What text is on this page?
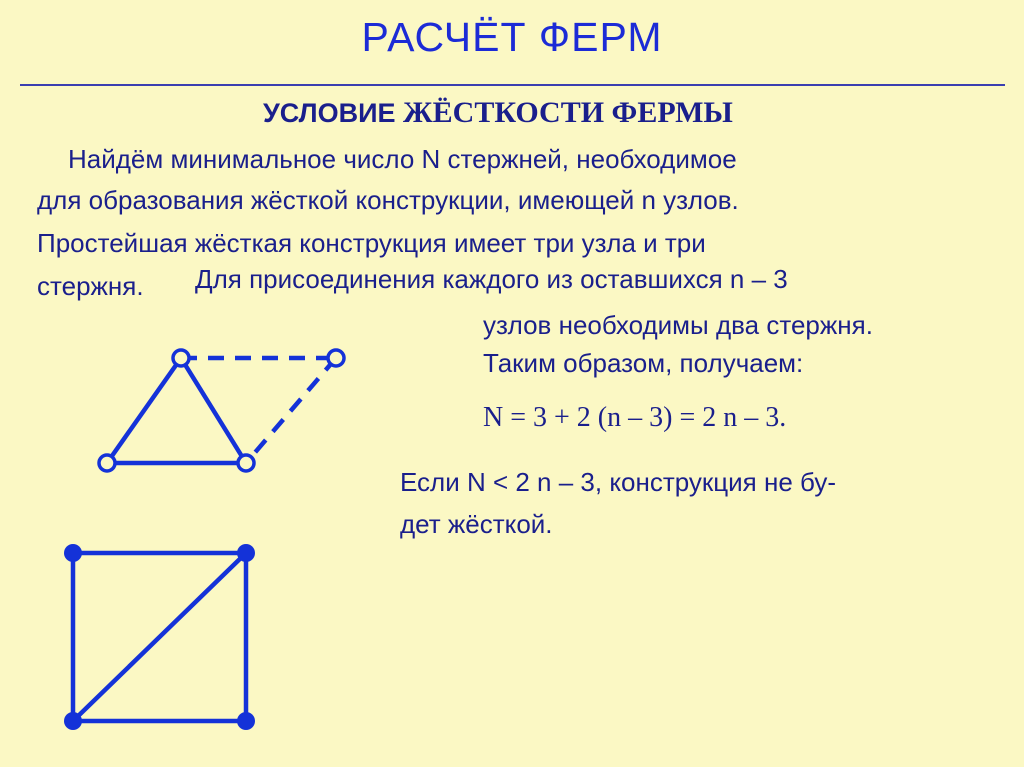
РАСЧЁТ ФЕРМ
УСЛОВИЕ ЖЁСТКОСТИ ФЕРМЫ
Найдём минимальное число N стержней, необходимое
для образования жёсткой конструкции, имеющей n узлов.
Простейшая жёсткая конструкция имеет три узла и три
стержня. Для присоединения каждого из оставшихся n – 3
узлов необходимы два стержня.
Таким образом, получаем:
N = 3 + 2 (n – 3) = 2 n – 3.
Если N < 2 n – 3, конструкция не бу-
дет жёсткой.
